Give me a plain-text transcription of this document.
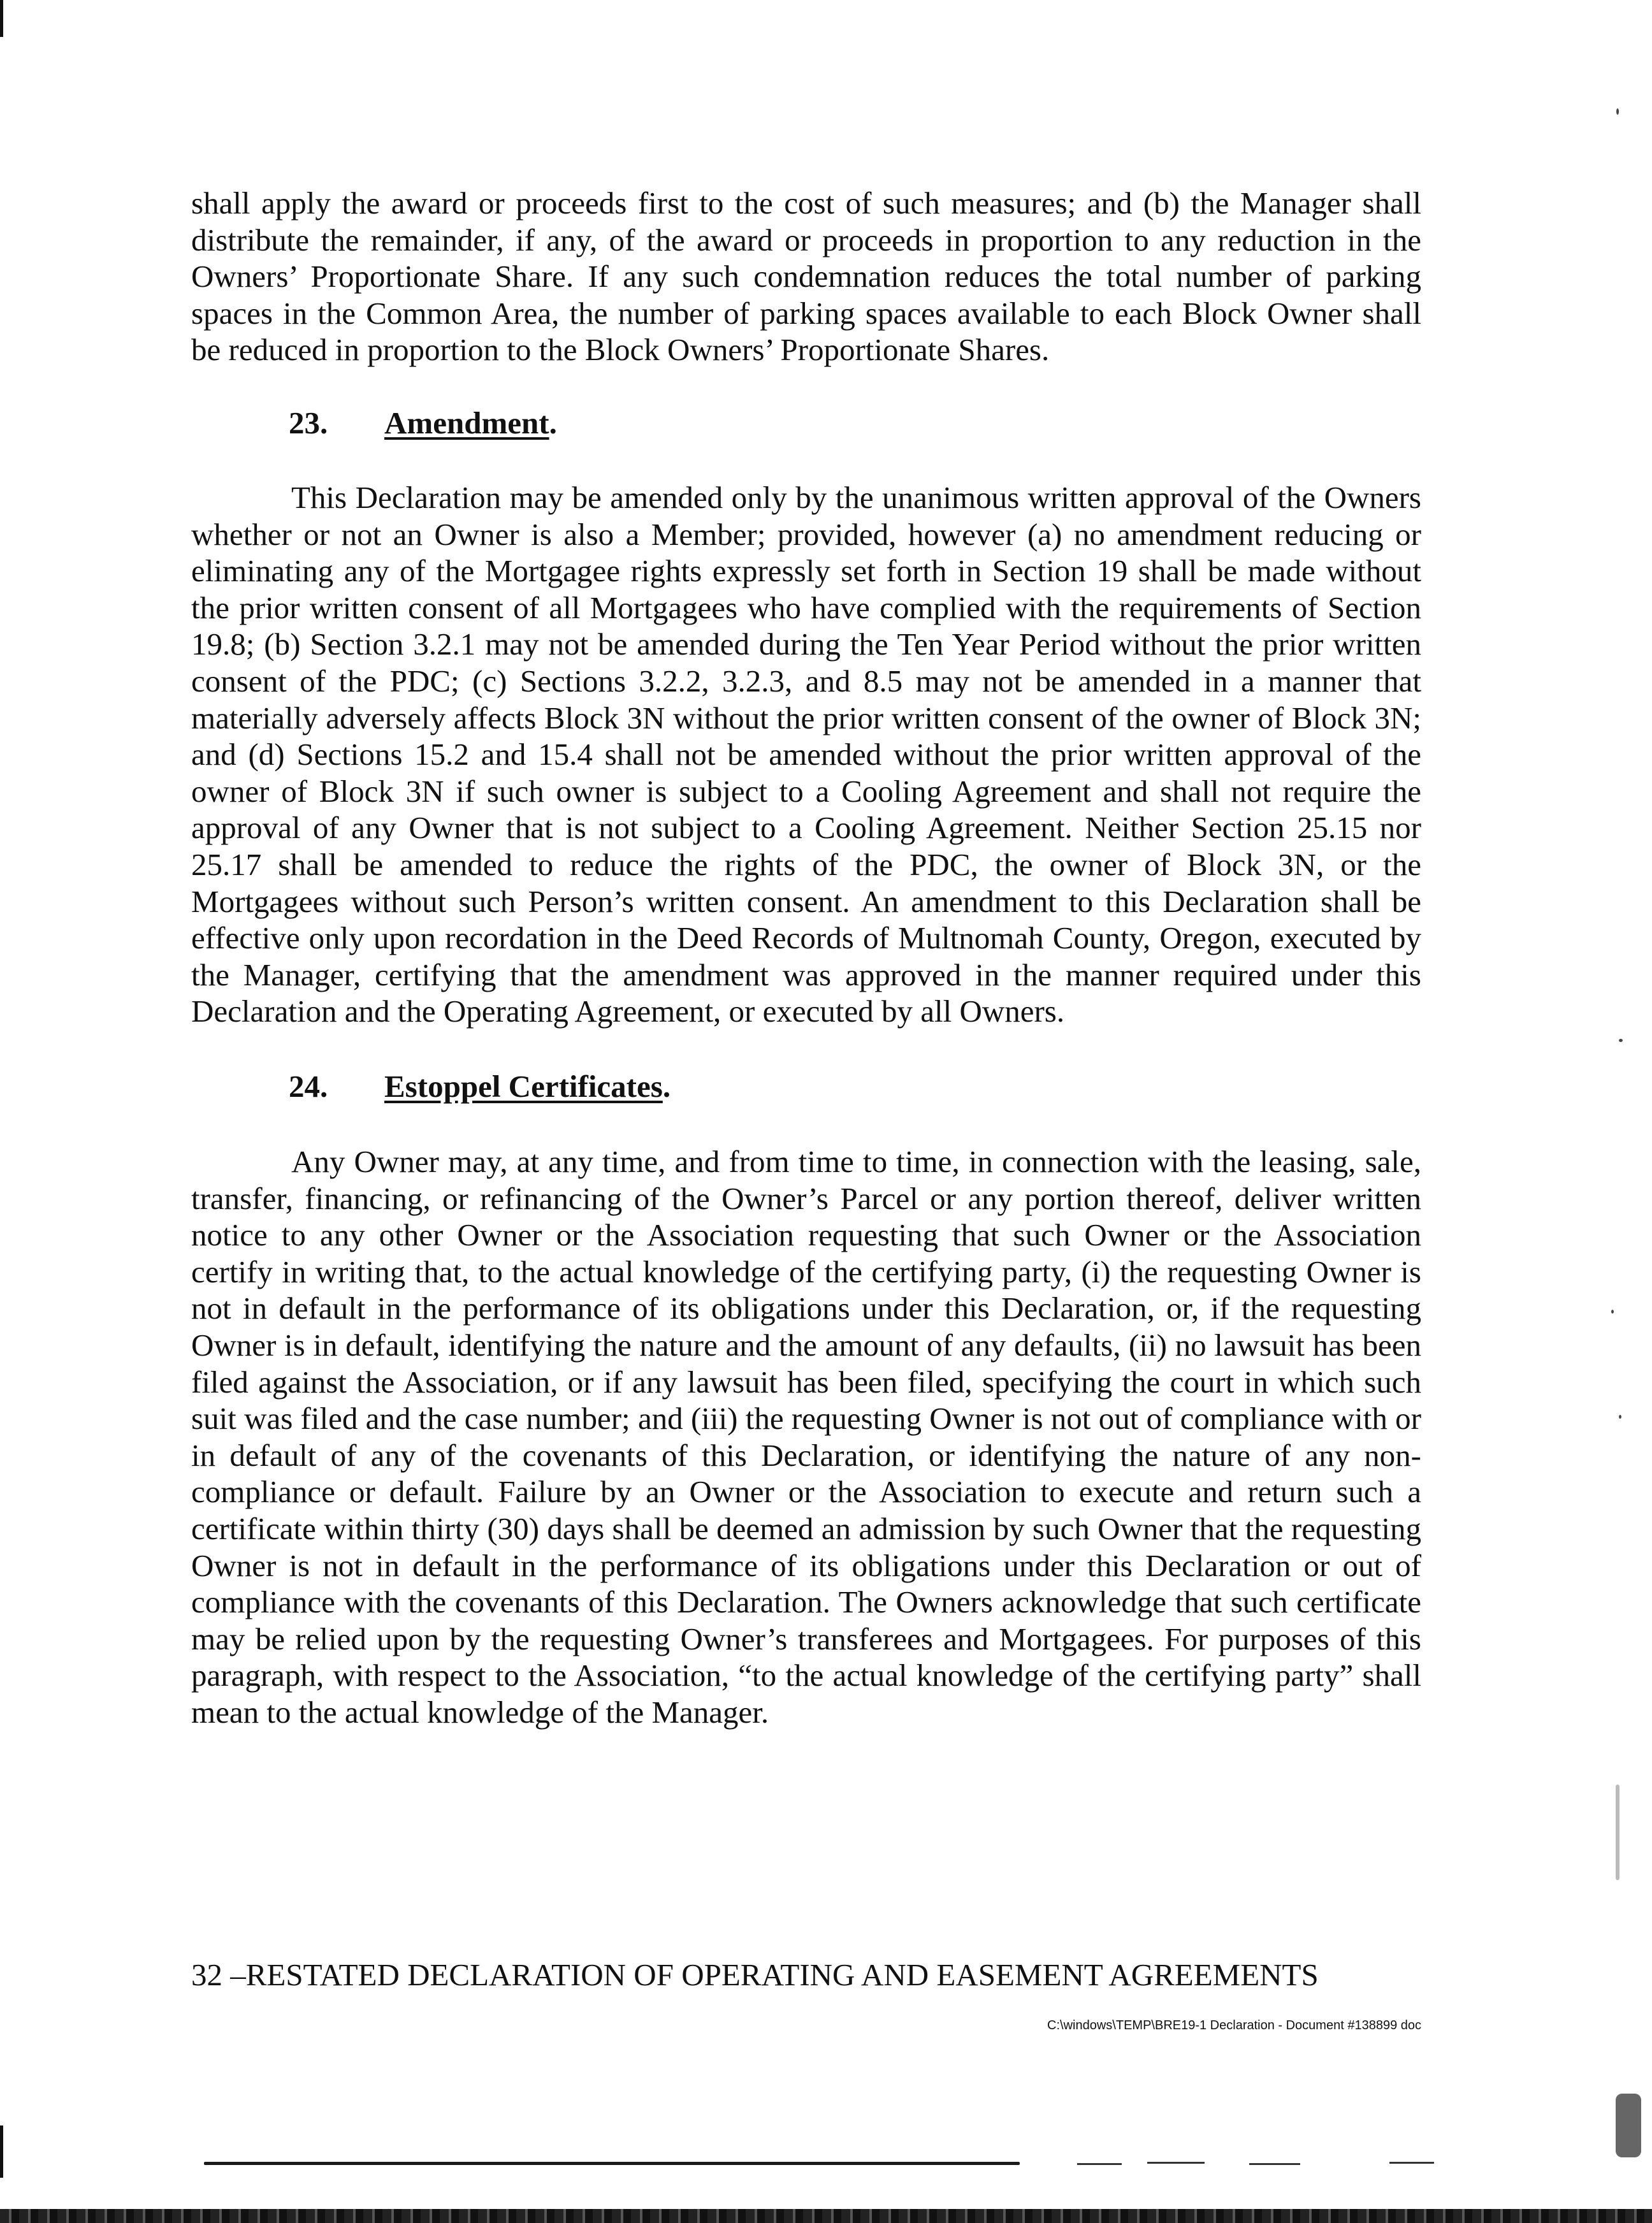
shall apply the award or proceeds first to the cost of such measures; and (b) the Manager shall distribute the remainder, if any, of the award or proceeds in proportion to any reduction in the Owners’ Proportionate Share. If any such condemnation reduces the total number of parking spaces in the Common Area, the number of parking spaces available to each Block Owner shall be reduced in proportion to the Block Owners’ Proportionate Shares.

23. Amendment.

This Declaration may be amended only by the unanimous written approval of the Owners whether or not an Owner is also a Member; provided, however (a) no amendment reducing or eliminating any of the Mortgagee rights expressly set forth in Section 19 shall be made without the prior written consent of all Mortgagees who have complied with the requirements of Section 19.8; (b) Section 3.2.1 may not be amended during the Ten Year Period without the prior written consent of the PDC; (c) Sections 3.2.2, 3.2.3, and 8.5 may not be amended in a manner that materially adversely affects Block 3N without the prior written consent of the owner of Block 3N; and (d) Sections 15.2 and 15.4 shall not be amended without the prior written approval of the owner of Block 3N if such owner is subject to a Cooling Agreement and shall not require the approval of any Owner that is not subject to a Cooling Agreement. Neither Section 25.15 nor 25.17 shall be amended to reduce the rights of the PDC, the owner of Block 3N, or the Mortgagees without such Person’s written consent. An amendment to this Declaration shall be effective only upon recordation in the Deed Records of Multnomah County, Oregon, executed by the Manager, certifying that the amendment was approved in the manner required under this Declaration and the Operating Agreement, or executed by all Owners.

24. Estoppel Certificates.

Any Owner may, at any time, and from time to time, in connection with the leasing, sale, transfer, financing, or refinancing of the Owner’s Parcel or any portion thereof, deliver written notice to any other Owner or the Association requesting that such Owner or the Association certify in writing that, to the actual knowledge of the certifying party, (i) the requesting Owner is not in default in the performance of its obligations under this Declaration, or, if the requesting Owner is in default, identifying the nature and the amount of any defaults, (ii) no lawsuit has been filed against the Association, or if any lawsuit has been filed, specifying the court in which such suit was filed and the case number; and (iii) the requesting Owner is not out of compliance with or in default of any of the covenants of this Declaration, or identifying the nature of any non-compliance or default. Failure by an Owner or the Association to execute and return such a certificate within thirty (30) days shall be deemed an admission by such Owner that the requesting Owner is not in default in the performance of its obligations under this Declaration or out of compliance with the covenants of this Declaration. The Owners acknowledge that such certificate may be relied upon by the requesting Owner’s transferees and Mortgagees. For purposes of this paragraph, with respect to the Association, “to the actual knowledge of the certifying party” shall mean to the actual knowledge of the Manager.

32 –RESTATED DECLARATION OF OPERATING AND EASEMENT AGREEMENTS

C:\windows\TEMP\BRE19-1 Declaration - Document #138899 doc
